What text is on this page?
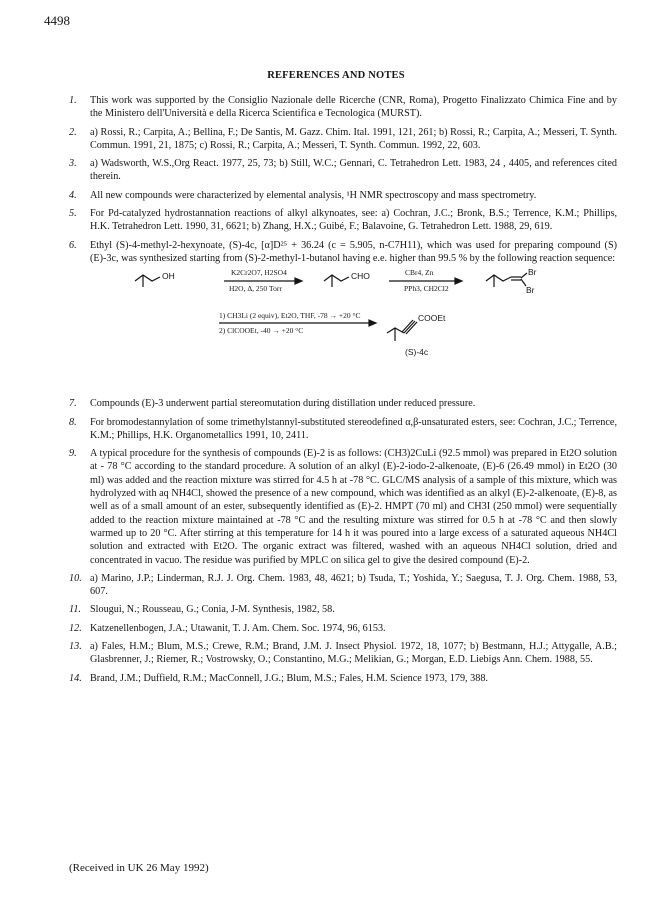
4498
REFERENCES AND NOTES
1. This work was supported by the Consiglio Nazionale delle Ricerche (CNR, Roma), Progetto Finalizzato Chimica Fine and by the Ministero dell'Università e della Ricerca Scientifica e Tecnologica (MURST).
2. a) Rossi, R.; Carpita, A.; Bellina, F.; De Santis, M. Gazz. Chim. Ital. 1991, 121, 261; b) Rossi, R.; Carpita, A.; Messeri, T. Synth. Commun. 1991, 21, 1875; c) Rossi, R.; Carpita, A.; Messeri, T. Synth. Commun. 1992, 22, 603.
3. a) Wadsworth, W.S.,Org React. 1977, 25, 73; b) Still, W.C.; Gennari, C. Tetrahedron Lett. 1983, 24 , 4405, and references cited therein.
4. All new compounds were characterized by elemental analysis, ¹H NMR spectroscopy and mass spectrometry.
5. For Pd-catalyzed hydrostannation reactions of alkyl alkynoates, see: a) Cochran, J.C.; Bronk, B.S.; Terrence, K.M.; Phillips, H.K. Tetrahedron Lett. 1990, 31, 6621; b) Zhang, H.X.; Guibé, F.; Balavoine, G. Tetrahedron Lett. 1988, 29, 619.
6. Ethyl (S)-4-methyl-2-hexynoate, (S)-4c, [α]D²⁵ + 36.24 (c = 5.905, n-C7H11), which was used for preparing compound (S)(E)-3c, was synthesized starting from (S)-2-methyl-1-butanol having e.e. higher than 99.5 % by the following reaction sequence:
OH	K2Cr2O7, H2SO4
H2O, Δ, 250 Torr
CHO	CBr4, Zn
PPh3, CH2Cl2
Br
Br
1) CH3Li (2 equiv), Et2O, THF, -78 → +20 °C
2) ClCOOEt, -40 → +20 °C
COOEt
(S)-4c
7. Compounds (E)-3 underwent partial stereomutation during distillation under reduced pressure.
8. For bromodestannylation of some trimethylstannyl-substituted stereodefined α,β-unsaturated esters, see: Cochran, J.C.; Terrence, K.M.; Phillips, H.K. Organometallics 1991, 10, 2411.
9. A typical procedure for the synthesis of compounds (E)-2 is as follows: (CH3)2CuLi (92.5 mmol) was prepared in Et2O solution at - 78 °C according to the standard procedure. A solution of an alkyl (E)-2-iodo-2-alkenoate, (E)-6 (26.49 mmol) in Et2O (30 ml) was added and the reaction mixture was stirred for 4.5 h at -78 °C. GLC/MS analysis of a sample of this mixture, which was hydrolyzed with aq NH4Cl, showed the presence of a new compound, which was identified as an alkyl (E)-2-alkenoate, (E)-8, as well as of a small amount of an ester, subsequently identified as (E)-2. HMPT (70 ml) and CH3I (250 mmol) were sequentially added to the reaction mixture maintained at -78 °C and the resulting mixture was stirred for 0.5 h at -78 °C and then slowly warmed up to 20 °C. After stirring at this temperature for 14 h it was poured into a large excess of a saturated aqueous NH4Cl solution and extracted with Et2O. The organic extract was filtered, washed with an aqueous NH4Cl solution, dried and concentrated in vacuo. The residue was purified by MPLC on silica gel to give the desired compound (E)-2.
10. a) Marino, J.P.; Linderman, R.J. J. Org. Chem. 1983, 48, 4621; b) Tsuda, T.; Yoshida, Y.; Saegusa, T. J. Org. Chem. 1988, 53, 607.
11. Slougui, N.; Rousseau, G.; Conia, J-M. Synthesis, 1982, 58.
12. Katzenellenbogen, J.A.; Utawanit, T. J. Am. Chem. Soc. 1974, 96, 6153.
13. a) Fales, H.M.; Blum, M.S.; Crewe, R.M.; Brand, J.M. J. Insect Physiol. 1972, 18, 1077; b) Bestmann, H.J.; Attygalle, A.B.; Glasbrenner, J.; Riemer, R.; Vostrowsky, O.; Constantino, M.G.; Melikian, G.; Morgan, E.D. Liebigs Ann. Chem. 1988, 55.
14. Brand, J.M.; Duffield, R.M.; MacConnell, J.G.; Blum, M.S.; Fales, H.M. Science 1973, 179, 388.
(Received in UK 26 May 1992)
